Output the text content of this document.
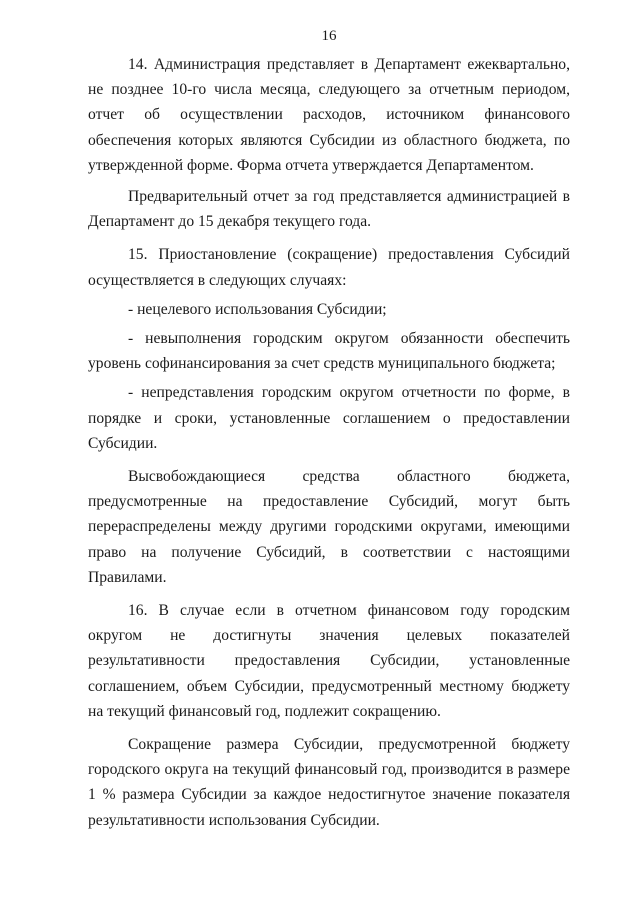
16

14. Администрация представляет в Департамент ежеквартально, не позднее 10-го числа месяца, следующего за отчетным периодом, отчет об осуществлении расходов, источником финансового обеспечения которых являются Субсидии из областного бюджета, по утвержденной форме. Форма отчета утверждается Департаментом.

Предварительный отчет за год представляется администрацией в Департамент до 15 декабря текущего года.

15. Приостановление (сокращение) предоставления Субсидий осуществляется в следующих случаях:

- нецелевого использования Субсидии;

- невыполнения городским округом обязанности обеспечить уровень софинансирования за счет средств муниципального бюджета;

- непредставления городским округом отчетности по форме, в порядке и сроки, установленные соглашением о предоставлении Субсидии.

Высвобождающиеся средства областного бюджета, предусмотренные на предоставление Субсидий, могут быть перераспределены между другими городскими округами, имеющими право на получение Субсидий, в соответствии с настоящими Правилами.

16. В случае если в отчетном финансовом году городским округом не достигнуты значения целевых показателей результативности предоставления Субсидии, установленные соглашением, объем Субсидии, предусмотренный местному бюджету на текущий финансовый год, подлежит сокращению.

Сокращение размера Субсидии, предусмотренной бюджету городского округа на текущий финансовый год, производится в размере 1 % размера Субсидии за каждое недостигнутое значение показателя результативности использования Субсидии.
